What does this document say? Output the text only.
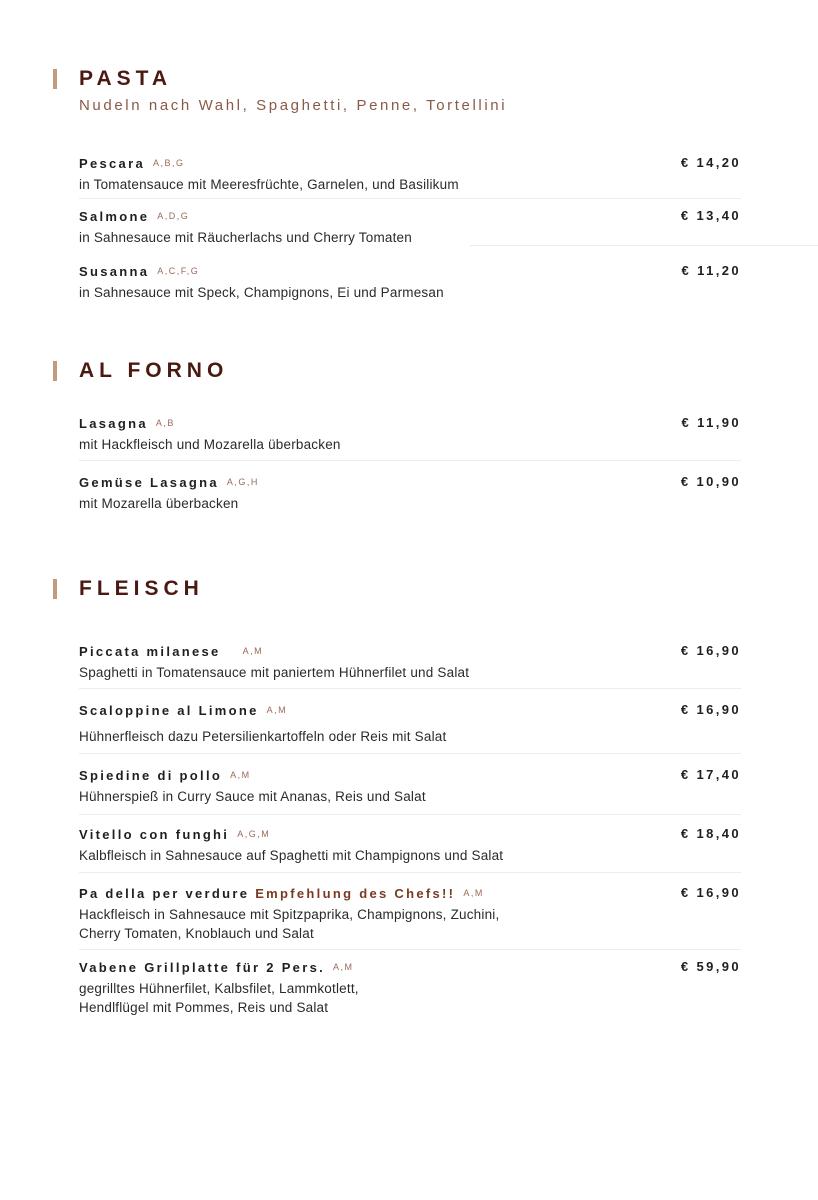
PASTA
Nudeln nach Wahl, Spaghetti, Penne, Tortellini
Pescara A,B,G	€ 14,20
in Tomatensauce mit Meeresfrüchte, Garnelen, und Basilikum
Salmone A,D,G	€ 13,40
in Sahnesauce mit Räucherlachs und Cherry Tomaten
Susanna A,C,F,G	€ 11,20
in Sahnesauce mit Speck, Champignons, Ei und Parmesan
AL FORNO
Lasagna A,B	€ 11,90
mit Hackfleisch und Mozarella überbacken
Gemüse Lasagna A,G,H	€ 10,90
mit Mozarella überbacken
FLEISCH
Piccata milanese A,M	€ 16,90
Spaghetti in Tomatensauce mit paniertem Hühnerfilet und Salat
Scaloppine al Limone A,M	€ 16,90
Hühnerfleisch dazu Petersilienkartoffeln oder Reis mit Salat
Spiedine di pollo A,M	€ 17,40
Hühnerspieß in Curry Sauce mit Ananas, Reis und Salat
Vitello con funghi A,G,M	€ 18,40
Kalbfleisch in Sahnesauce auf Spaghetti mit Champignons und Salat
Pa della per verdure Empfehlung des Chefs!! A,M	€ 16,90
Hackfleisch in Sahnesauce mit Spitzpaprika, Champignons, Zuchini,
Cherry Tomaten, Knoblauch und Salat
Vabene Grillplatte für 2 Pers. A,M	€ 59,90
gegrilltes Hühnerfilet, Kalbsfilet, Lammkotlett,
Hendlflügel mit Pommes, Reis und Salat
